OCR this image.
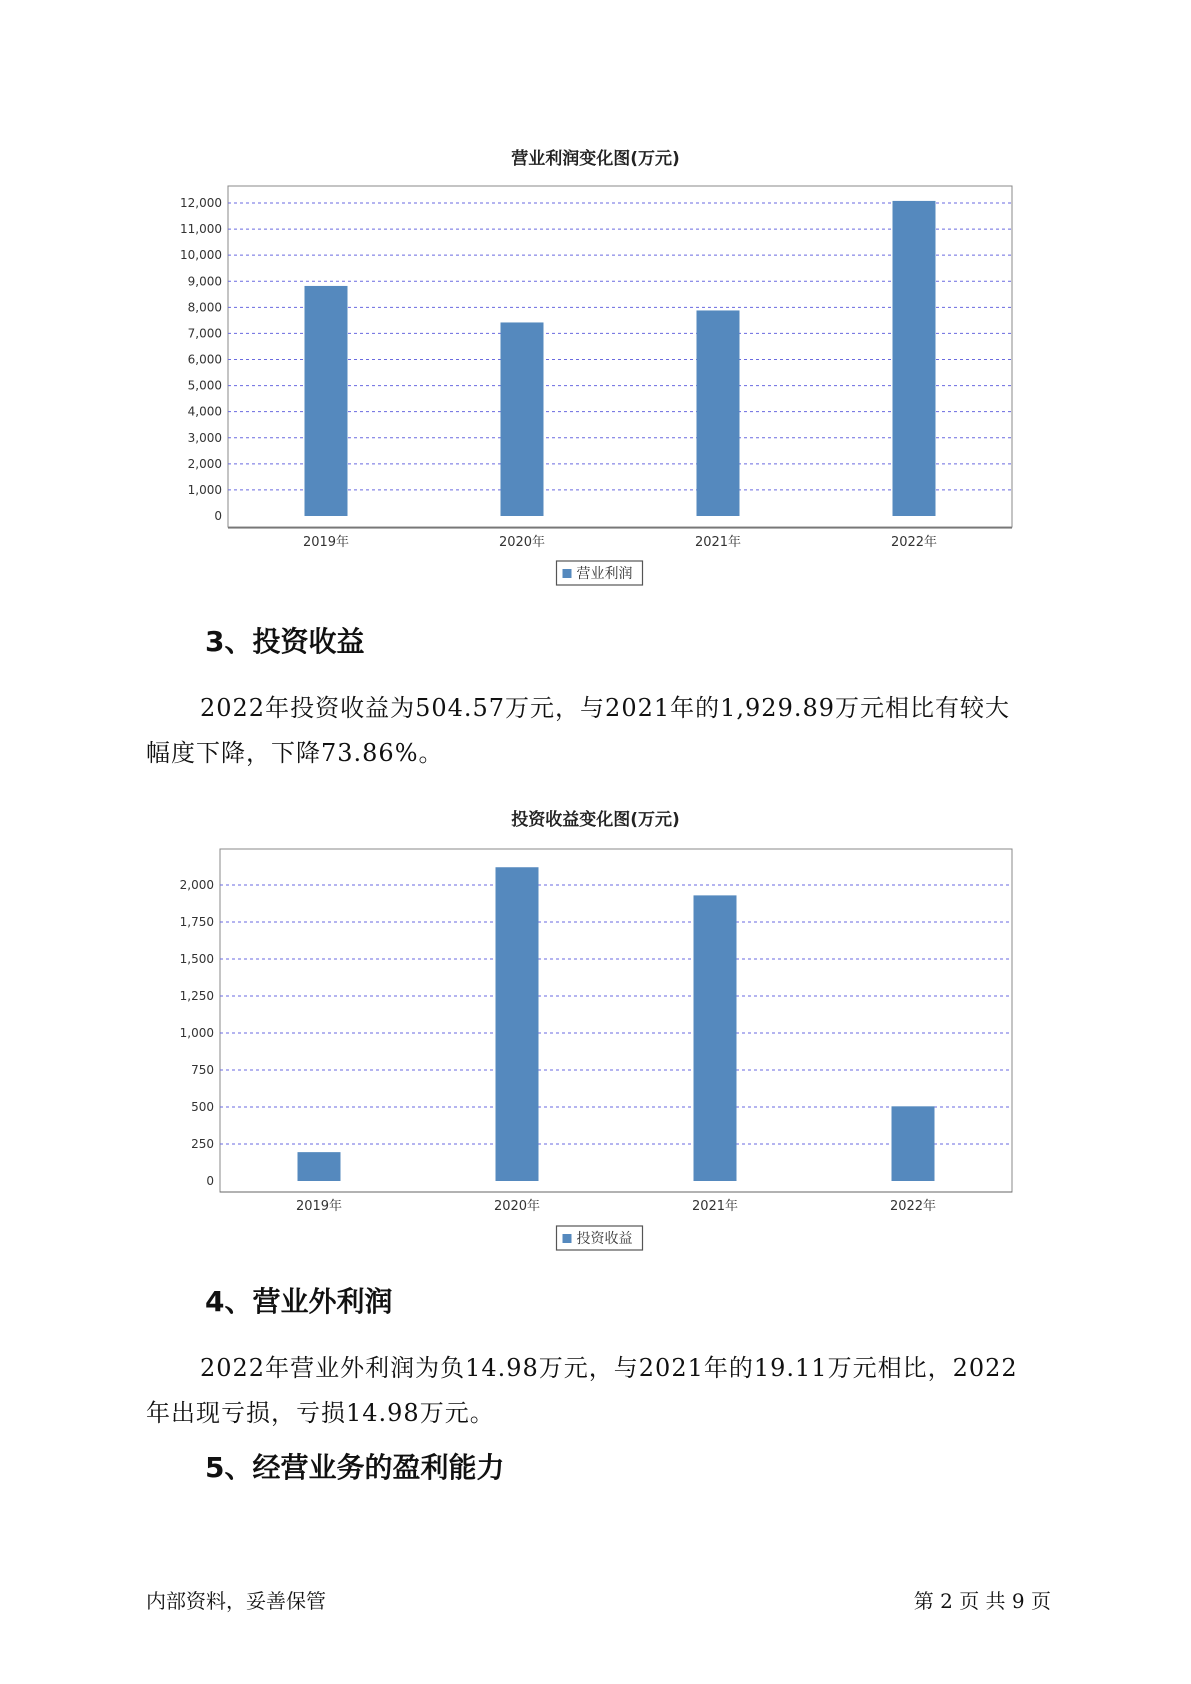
营业利润变化图(万元)
0
1,000
2,000
3,000
4,000
5,000
6,000
7,000
8,000
9,000
10,000
11,000
12,000
2019年	2020年	2021年	2022年
营业利润
3、投资收益
2022年投资收益为504.57万元，与2021年的1,929.89万元相比有较大
幅度下降，下降73.86%。
投资收益变化图(万元)
0
250
500
750
1,000
1,250
1,500
1,750
2,000
2019年	2020年	2021年	2022年
投资收益
4、营业外利润
2022年营业外利润为负14.98万元，与2021年的19.11万元相比，2022
年出现亏损，亏损14.98万元。
5、经营业务的盈利能力
内部资料，妥善保管	第 2 页 共 9 页
